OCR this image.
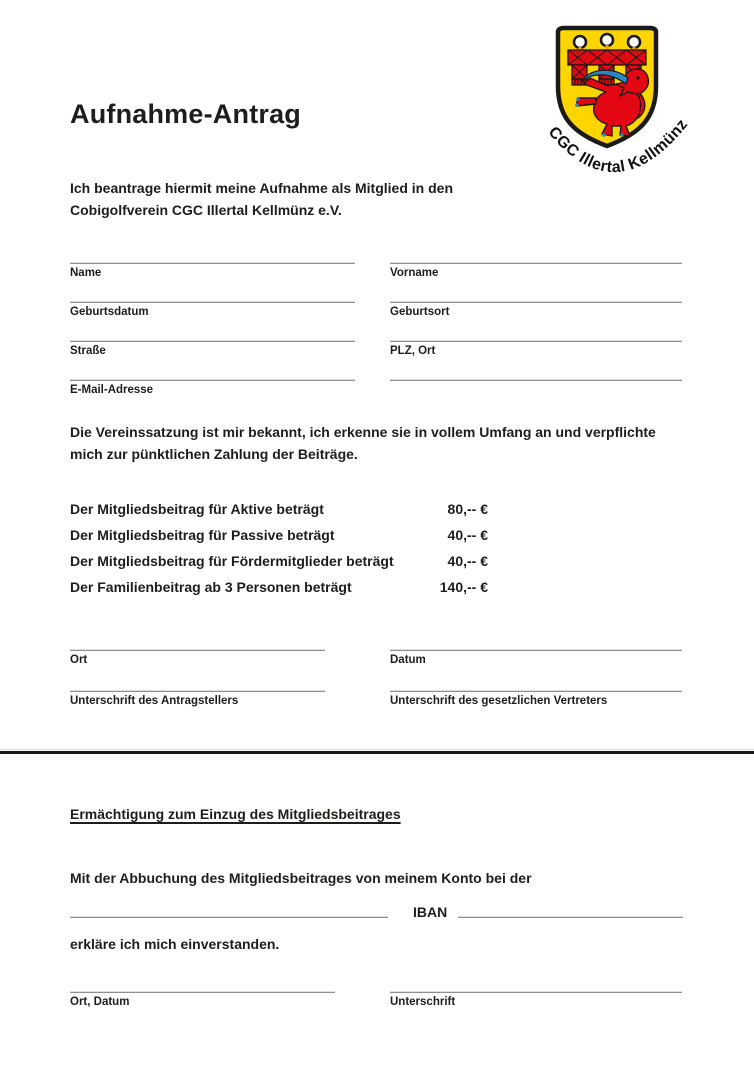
Aufnahme-Antrag
CGC Illertal Kellmünz
Ich beantrage hiermit meine Aufnahme als Mitglied in den Cobigolfverein CGC Illertal Kellmünz e.V.
Name	Vorname
Geburtsdatum	Geburtsort
Straße	PLZ, Ort
E-Mail-Adresse
Die Vereinssatzung ist mir bekannt, ich erkenne sie in vollem Umfang an und verpflichte mich zur pünktlichen Zahlung der Beiträge.
Der Mitgliedsbeitrag für Aktive beträgt	80,-- €
Der Mitgliedsbeitrag für Passive beträgt	40,-- €
Der Mitgliedsbeitrag für Fördermitglieder beträgt	40,-- €
Der Familienbeitrag ab 3 Personen beträgt	140,-- €
Ort	Datum
Unterschrift des Antragstellers	Unterschrift des gesetzlichen Vertreters
Ermächtigung zum Einzug des Mitgliedsbeitrages
Mit der Abbuchung des Mitgliedsbeitrages von meinem Konto bei der
IBAN
erkläre ich mich einverstanden.
Ort, Datum	Unterschrift
